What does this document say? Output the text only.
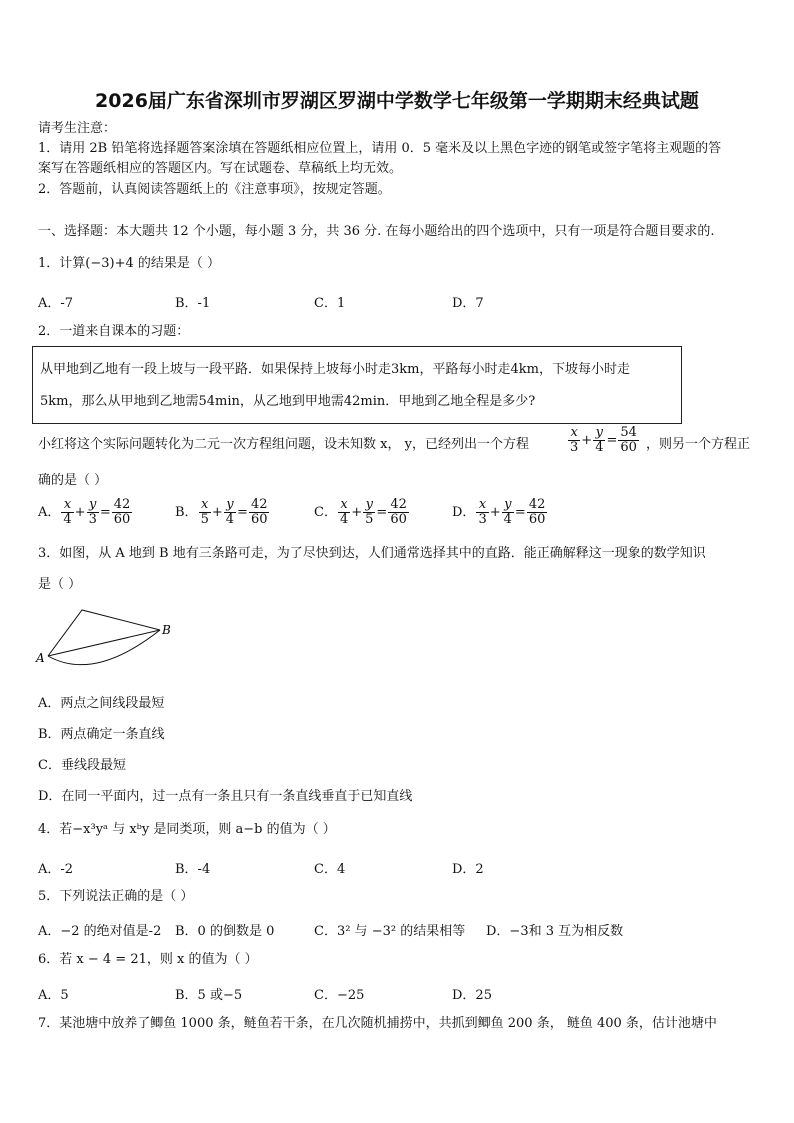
2026届广东省深圳市罗湖区罗湖中学数学七年级第一学期期末经典试题
请考生注意：
1．请用 2B 铅笔将选择题答案涂填在答题纸相应位置上，请用 0．5 毫米及以上黑色字迹的钢笔或签字笔将主观题的答
案写在答题纸相应的答题区内。写在试题卷、草稿纸上均无效。
2．答题前，认真阅读答题纸上的《注意事项》，按规定答题。
一、选择题：本大题共 12 个小题，每小题 3 分，共 36 分. 在每小题给出的四个选项中，只有一项是符合题目要求的.
1．计算(−3)+4 的结果是（ ）
A．-7	B．-1	C．1	D．7
2．一道来自课本的习题：
从甲地到乙地有一段上坡与一段平路．如果保持上坡每小时走3km，平路每小时走4km，下坡每小时走
5km，那么从甲地到乙地需54min，从乙地到甲地需42min．甲地到乙地全程是多少?
小红将这个实际问题转化为二元一次方程组问题，设未知数 x， y，已经列出一个方程	$\frac{x}{3} + \frac{y}{4} = \frac{54}{60}$ ，则另一个方程正
确的是（ ）
A． $\frac{x}{4} + \frac{y}{3} = \frac{42}{60}$	B． $\frac{x}{5} + \frac{y}{4} = \frac{42}{60}$	C． $\frac{x}{4} + \frac{y}{5} = \frac{42}{60}$	D． $\frac{x}{3} + \frac{y}{4} = \frac{42}{60}$
3．如图，从 A 地到 B 地有三条路可走，为了尽快到达，人们通常选择其中的直路．能正确解释这一现象的数学知识
是（ ）
A
B
A．两点之间线段最短
B．两点确定一条直线
C．垂线段最短
D．在同一平面内，过一点有一条且只有一条直线垂直于已知直线
4．若−x³yᵃ 与 xᵇy 是同类项，则 a−b 的值为（ ）
A．-2	B．-4	C．4	D．2
5．下列说法正确的是（ ）
A．−2 的绝对值是-2 B．0 的倒数是 0	C．3² 与 −3² 的结果相等 D．−3和 3 互为相反数
6．若 x − 4 = 21，则 x 的值为（ ）
A．5	B．5 或−5	C．−25	D．25
7．某池塘中放养了鲫鱼 1000 条，鲢鱼若干条，在几次随机捕捞中，共抓到鲫鱼 200 条， 鲢鱼 400 条，估计池塘中
